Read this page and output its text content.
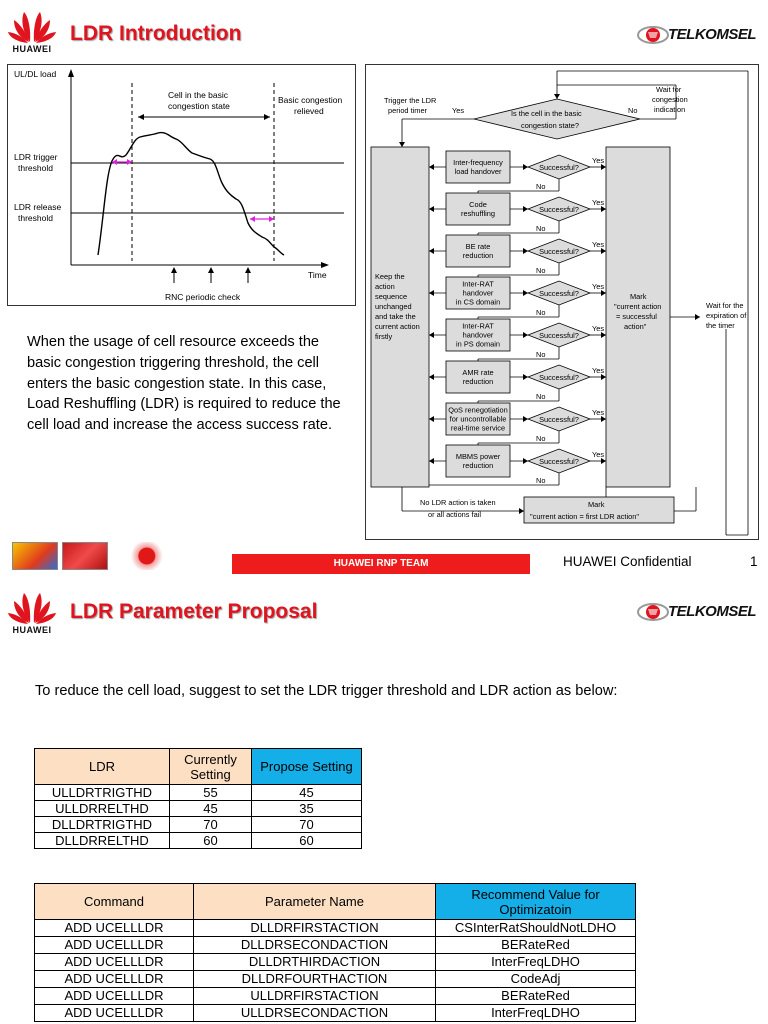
HUAWEI
LDR Introduction	TELKOMSEL
UL/DL load
Time
LDR trigger
threshold
LDR release
threshold
Cell in the basic
congestion state
Basic congestion
relieved
RNC periodic check
When the usage of cell resource exceeds the basic congestion triggering threshold, the cell enters the basic congestion state. In this case, Load Reshuffling (LDR) is required to reduce the cell load and increase the access success rate.
Trigger the LDR
period timer	Yes	No
Is the cell in the basic
congestion state?
Wait for
congestion
indication
Keep the
action
sequence
unchanged
and take the
current action
firstly
Mark
"current action
= successful
action"
Wait for the
expiration of
the timer
Inter-frequency
load handover	Successful?
Yes
No
Code
reshuffling	Successful?
Yes
No
BE rate
reduction	Successful?
Yes
No
Inter-RAT
handover
in CS domain
Successful?
Yes
No
Inter-RAT
handover
in PS domain
Successful?
Yes
No
AMR rate
reduction	Successful?
Yes
No
QoS renegotiation
for uncontrollable
real-time service
Successful?
Yes
No
MBMS power
reduction	Successful?
Yes
No
No LDR action is taken
or all actions fail
Mark
"current action = first LDR action"
HUAWEI RNP TEAM	HUAWEI Confidential	1
HUAWEI
LDR Parameter Proposal	TELKOMSEL
To reduce the cell load, suggest to set the LDR trigger threshold and LDR action as below:
LDR	Currently Setting	Propose Setting
ULLDRTRIGTHD	55	45
ULLDRRELTHD	45	35
DLLDRTRIGTHD	70	70
DLLDRRELTHD	60	60
Command	Parameter Name	Recommend Value for Optimizatoin
ADD UCELLLDR	DLLDRFIRSTACTION	CSInterRatShouldNotLDHO
ADD UCELLLDR	DLLDRSECONDACTION	BERateRed
ADD UCELLLDR	DLLDRTHIRDACTION	InterFreqLDHO
ADD UCELLLDR	DLLDRFOURTHACTION	CodeAdj
ADD UCELLLDR	ULLDRFIRSTACTION	BERateRed
ADD UCELLLDR	ULLDRSECONDACTION	InterFreqLDHO
